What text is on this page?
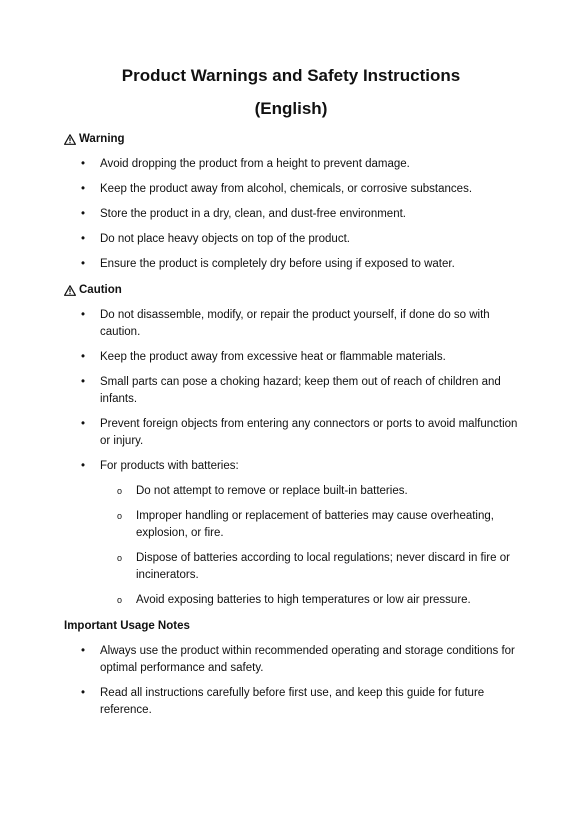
Product Warnings and Safety Instructions

(English)

Warning
• Avoid dropping the product from a height to prevent damage.
• Keep the product away from alcohol, chemicals, or corrosive substances.
• Store the product in a dry, clean, and dust-free environment.
• Do not place heavy objects on top of the product.
• Ensure the product is completely dry before using if exposed to water.
Caution
• Do not disassemble, modify, or repair the product yourself, if done do so with caution.
• Keep the product away from excessive heat or flammable materials.
• Small parts can pose a choking hazard; keep them out of reach of children and infants.
• Prevent foreign objects from entering any connectors or ports to avoid malfunction or injury.
• For products with batteries:
o Do not attempt to remove or replace built-in batteries.
o Improper handling or replacement of batteries may cause overheating, explosion, or fire.
o Dispose of batteries according to local regulations; never discard in fire or incinerators.
o Avoid exposing batteries to high temperatures or low air pressure.
Important Usage Notes
• Always use the product within recommended operating and storage conditions for optimal performance and safety.
• Read all instructions carefully before first use, and keep this guide for future reference.
